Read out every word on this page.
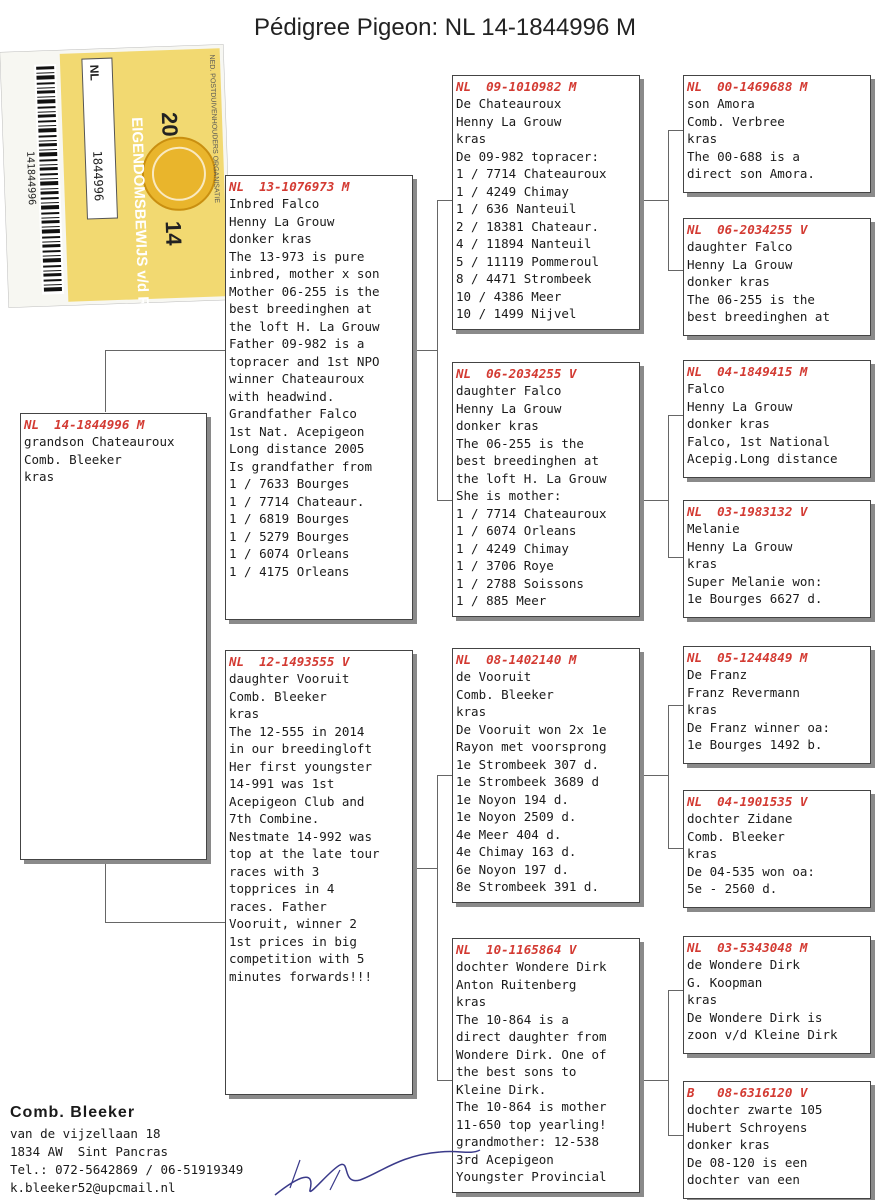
Pédigree Pigeon: NL 14-1844996 M
EIGENDOMSBEWIJS v/d RING	NED. POSTDUIVENHOUDERS ORGANISATIE
20
14
NL
1844996
141844996
NL  14-1844996 M
grandson Chateauroux
Comb. Bleeker
kras
NL  13-1076973 M
Inbred Falco
Henny La Grouw
donker kras
The 13-973 is pure
inbred, mother x son
Mother 06-255 is the
best breedinghen at
the loft H. La Grouw
Father 09-982 is a
topracer and 1st NPO
winner Chateauroux
with headwind.
Grandfather Falco
1st Nat. Acepigeon
Long distance 2005
Is grandfather from
1 / 7633 Bourges
1 / 7714 Chateaur.
1 / 6819 Bourges
1 / 5279 Bourges
1 / 6074 Orleans
1 / 4175 Orleans
NL  12-1493555 V
daughter Vooruit
Comb. Bleeker
kras
The 12-555 in 2014
in our breedingloft
Her first youngster
14-991 was 1st
Acepigeon Club and
7th Combine.
Nestmate 14-992 was
top at the late tour
races with 3
topprices in 4
races. Father
Vooruit, winner 2
1st prices in big
competition with 5
minutes forwards!!!
NL  09-1010982 M
De Chateauroux
Henny La Grouw
kras
De 09-982 topracer:
1 / 7714 Chateauroux
1 / 4249 Chimay
1 / 636 Nanteuil
2 / 18381 Chateaur.
4 / 11894 Nanteuil
5 / 11119 Pommeroul
8 / 4471 Strombeek
10 / 4386 Meer
10 / 1499 Nijvel
NL  06-2034255 V
daughter Falco
Henny La Grouw
donker kras
The 06-255 is the
best breedinghen at
the loft H. La Grouw
She is mother:
1 / 7714 Chateauroux
1 / 6074 Orleans
1 / 4249 Chimay
1 / 3706 Roye
1 / 2788 Soissons
1 / 885 Meer
NL  08-1402140 M
de Vooruit
Comb. Bleeker
kras
De Vooruit won 2x 1e
Rayon met voorsprong
1e Strombeek 307 d.
1e Strombeek 3689 d
1e Noyon 194 d.
1e Noyon 2509 d.
4e Meer 404 d.
4e Chimay 163 d.
6e Noyon 197 d.
8e Strombeek 391 d.
NL  10-1165864 V
dochter Wondere Dirk
Anton Ruitenberg
kras
The 10-864 is a
direct daughter from
Wondere Dirk. One of
the best sons to
Kleine Dirk.
The 10-864 is mother
11-650 top yearling!
grandmother: 12-538
3rd Acepigeon
Youngster Provincial
NL  00-1469688 M
son Amora
Comb. Verbree
kras
The 00-688 is a
direct son Amora.
NL  06-2034255 V
daughter Falco
Henny La Grouw
donker kras
The 06-255 is the
best breedinghen at
NL  04-1849415 M
Falco
Henny La Grouw
donker kras
Falco, 1st National
Acepig.Long distance
NL  03-1983132 V
Melanie
Henny La Grouw
kras
Super Melanie won:
1e Bourges 6627 d.
NL  05-1244849 M
De Franz
Franz Revermann
kras
De Franz winner oa:
1e Bourges 1492 b.
NL  04-1901535 V
dochter Zidane
Comb. Bleeker
kras
De 04-535 won oa:
5e - 2560 d.
NL  03-5343048 M
de Wondere Dirk
G. Koopman
kras
De Wondere Dirk is
zoon v/d Kleine Dirk
B   08-6316120 V
dochter zwarte 105
Hubert Schroyens
donker kras
De 08-120 is een
dochter van een
Comb. Bleeker
van de vijzellaan 18
1834 AW  Sint Pancras
Tel.: 072-5642869 / 06-51919349
k.bleeker52@upcmail.nl
